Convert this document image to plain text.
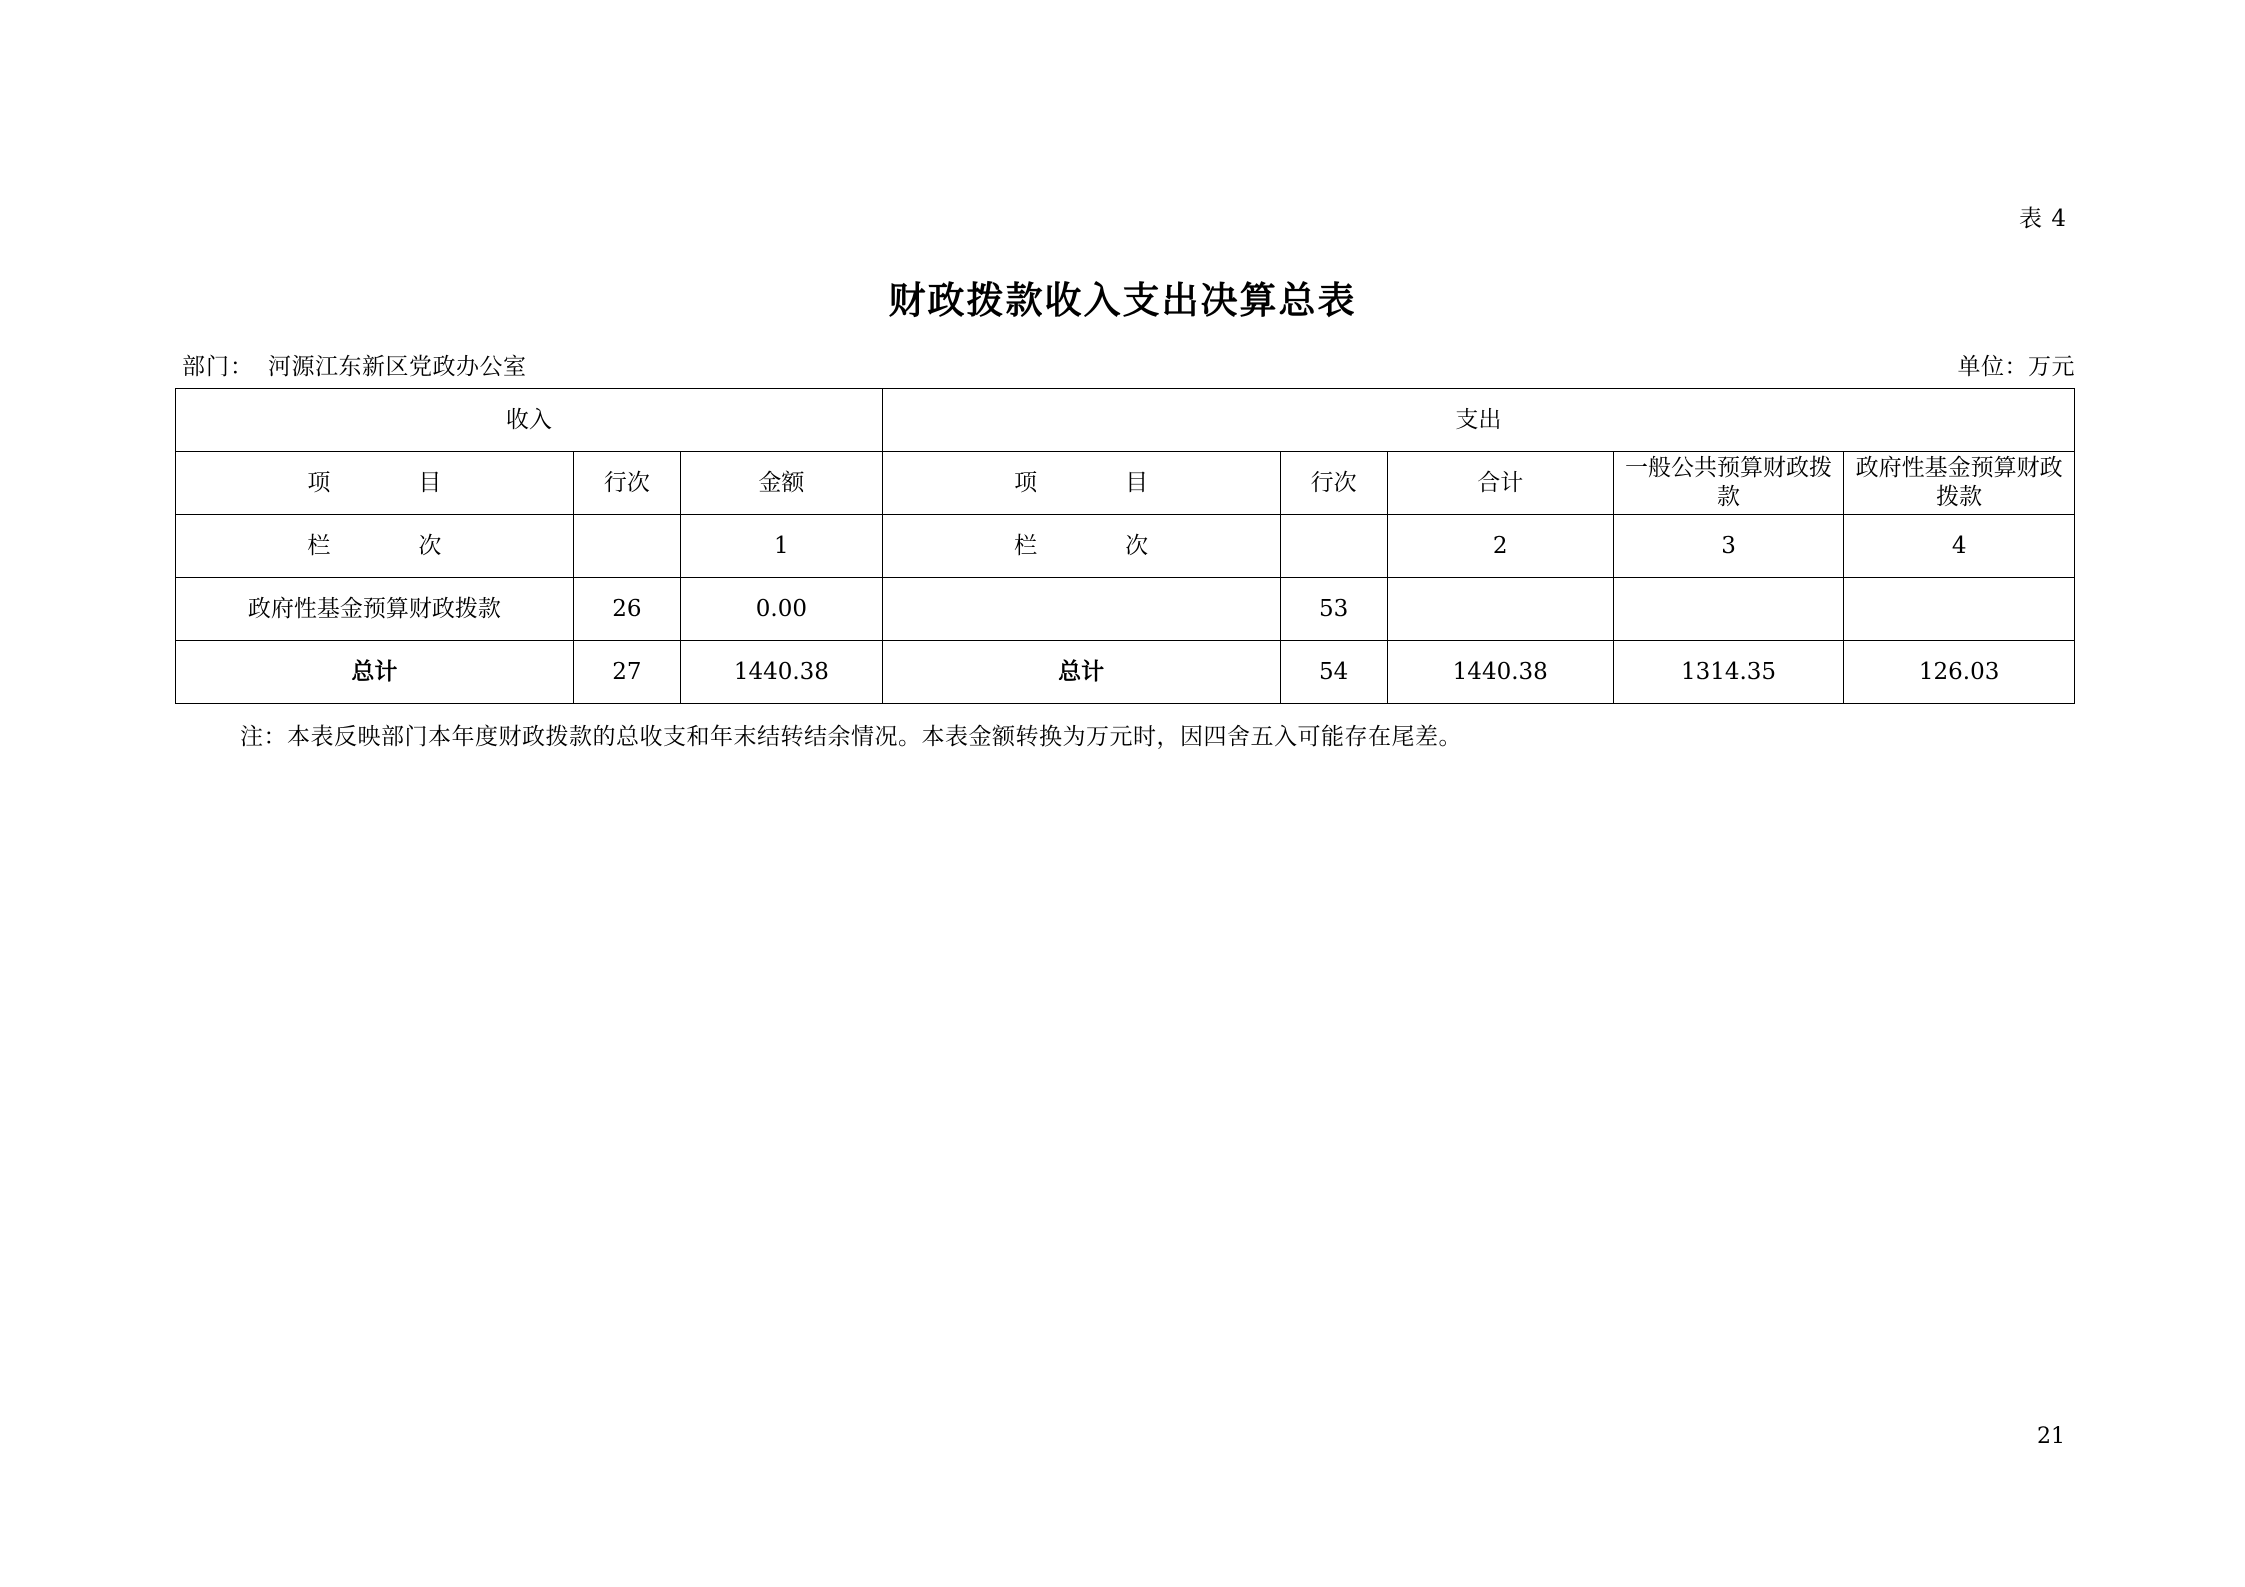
表 4
财政拨款收入支出决算总表
部门： 河源江东新区党政办公室	单位：万元
收入			支出				
项　　目	行次	金额	项　　目	行次	合计	一般公共预算财政拨款	政府性基金预算财政拨款
栏　　次		1	栏　　次		2	3	4
政府性基金预算财政拨款	26	0.00		53			
总计	27	1440.38	总计	54	1440.38	1314.35	126.03
注：本表反映部门本年度财政拨款的总收支和年末结转结余情况。本表金额转换为万元时，因四舍五入可能存在尾差。
21
